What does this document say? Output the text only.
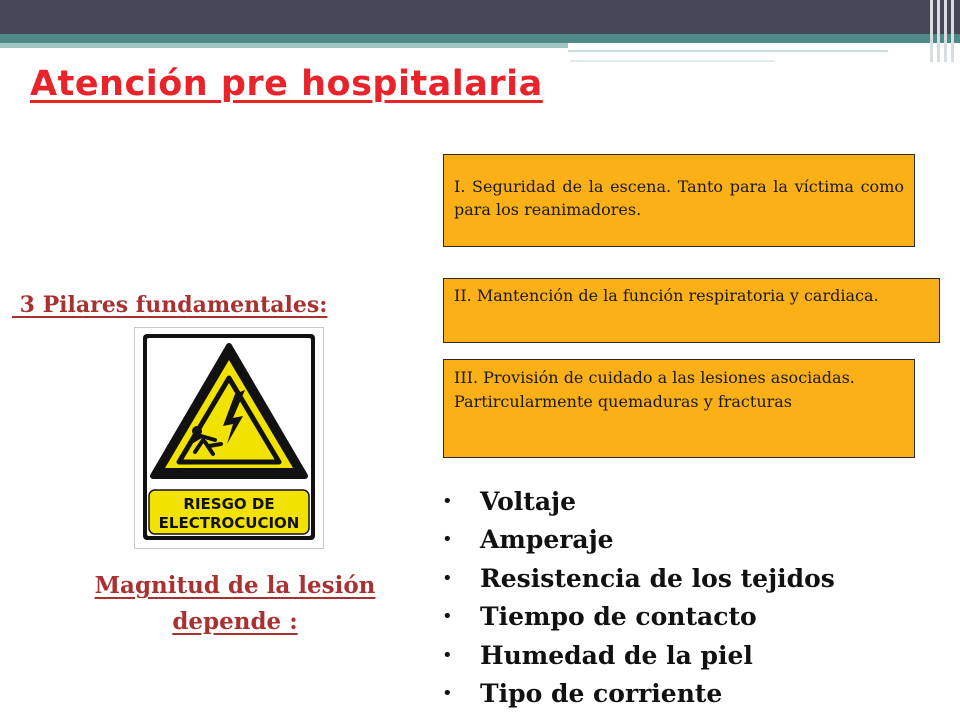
Atención pre hospitalaria
I. Seguridad de la escena. Tanto para la víctima como para los reanimadores.
II. Mantención de la función respiratoria y cardiaca.
III. Provisión de cuidado a las lesiones asociadas.
Partircularmente quemaduras y fracturas
3 Pilares fundamentales:
RIESGO DE
ELECTROCUCION
Magnitud de la lesión
depende :
•	Voltaje
•	Amperaje
•	Resistencia de los tejidos
•	Tiempo de contacto
•	Humedad de la piel
•	Tipo de corriente
